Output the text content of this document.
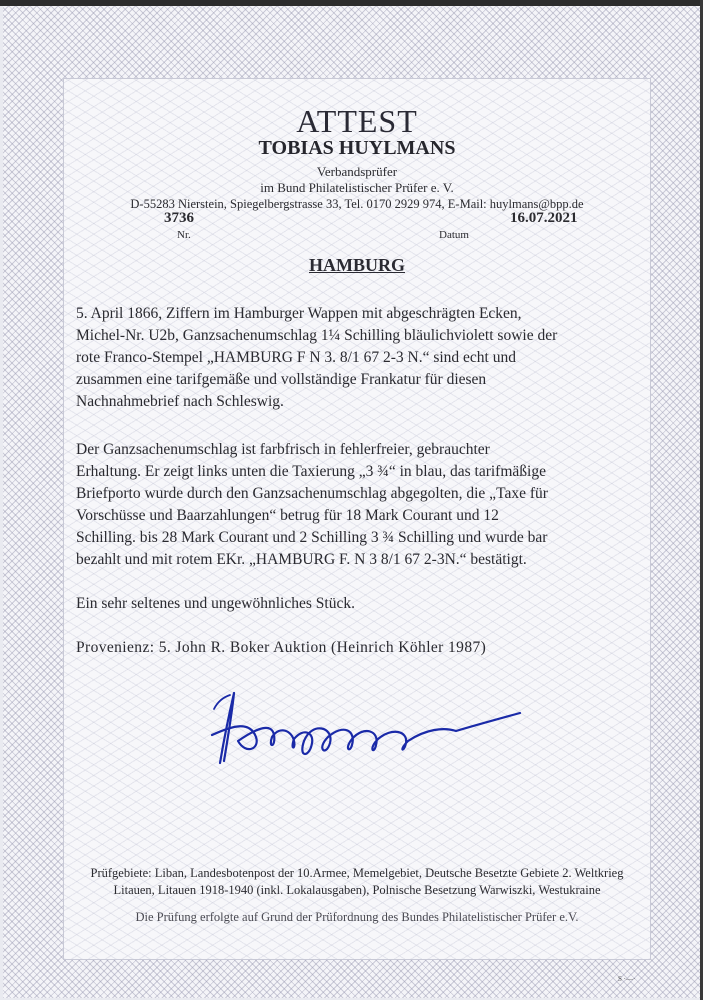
ATTEST
TOBIAS HUYLMANS
Verbandsprüfer
im Bund Philatelistischer Prüfer e. V.
D-55283 Nierstein, Spiegelbergstrasse 33, Tel. 0170 2929 974, E-Mail: huylmans@bpp.de
3736	16.07.2021
Nr.	Datum
HAMBURG
5. April 1866, Ziffern im Hamburger Wappen mit abgeschrägten Ecken,
Michel-Nr. U2b, Ganzsachenumschlag 1¼ Schilling bläulichviolett sowie der
rote Franco-Stempel „HAMBURG F N 3. 8/1 67 2-3 N.“ sind echt und
zusammen eine tarifgemäße und vollständige Frankatur für diesen
Nachnahmebrief nach Schleswig.
Der Ganzsachenumschlag ist farbfrisch in fehlerfreier, gebrauchter
Erhaltung. Er zeigt links unten die Taxierung „3 ¾“ in blau, das tarifmäßige
Briefporto wurde durch den Ganzsachenumschlag abgegolten, die „Taxe für
Vorschüsse und Baarzahlungen“ betrug für 18 Mark Courant und 12
Schilling. bis 28 Mark Courant und 2 Schilling 3 ¾ Schilling und wurde bar
bezahlt und mit rotem EKr. „HAMBURG F. N 3 8/1 67 2-3N.“ bestätigt.
Ein sehr seltenes und ungewöhnliches Stück.
Provenienz: 5. John R. Boker Auktion (Heinrich Köhler 1987)
Prüfgebiete: Liban, Landesbotenpost der 10.Armee, Memelgebiet, Deutsche Besetzte Gebiete 2. Weltkrieg
Litauen, Litauen 1918-1940 (inkl. Lokalausgaben), Polnische Besetzung Warwiszki, Westukraine
Die Prüfung erfolgte auf Grund der Prüfordnung des Bundes Philatelistischer Prüfer e.V.
S ·—·
